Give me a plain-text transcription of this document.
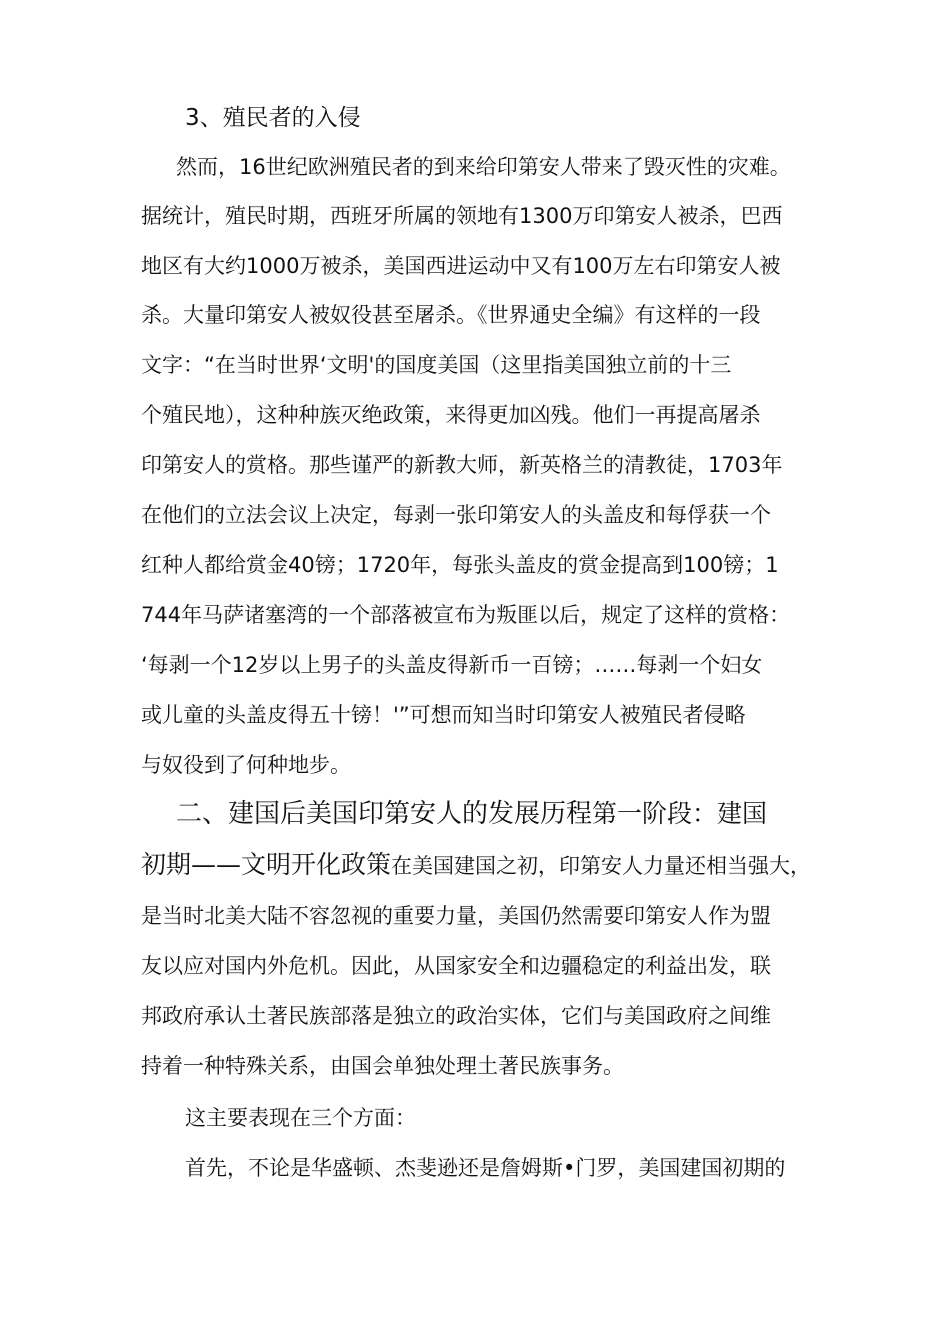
3、殖民者的入侵
然而，16世纪欧洲殖民者的到来给印第安人带来了毁灭性的灾难。
据统计，殖民时期，西班牙所属的领地有1300万印第安人被杀，巴西
地区有大约1000万被杀，美国西进运动中又有100万左右印第安人被
杀。大量印第安人被奴役甚至屠杀。《世界通史全编》有这样的一段
文字：“在当时世界‘文明'的国度美国（这里指美国独立前的十三
个殖民地），这种种族灭绝政策，来得更加凶残。他们一再提高屠杀
印第安人的赏格。那些谨严的新教大师，新英格兰的清教徒，1703年
在他们的立法会议上决定，每剥一张印第安人的头盖皮和每俘获一个
红种人都给赏金40镑；1720年，每张头盖皮的赏金提高到100镑；1
744年马萨诸塞湾的一个部落被宣布为叛匪以后，规定了这样的赏格：
‘每剥一个12岁以上男子的头盖皮得新币一百镑；……每剥一个妇女
或儿童的头盖皮得五十镑！'”可想而知当时印第安人被殖民者侵略
与奴役到了何种地步。
二、建国后美国印第安人的发展历程第一阶段：建国
初期——文明开化政策在美国建国之初，印第安人力量还相当强大，
是当时北美大陆不容忽视的重要力量，美国仍然需要印第安人作为盟
友以应对国内外危机。因此，从国家安全和边疆稳定的利益出发，联
邦政府承认土著民族部落是独立的政治实体，它们与美国政府之间维
持着一种特殊关系，由国会单独处理土著民族事务。
这主要表现在三个方面：
首先，不论是华盛顿、杰斐逊还是詹姆斯•门罗，美国建国初期的
